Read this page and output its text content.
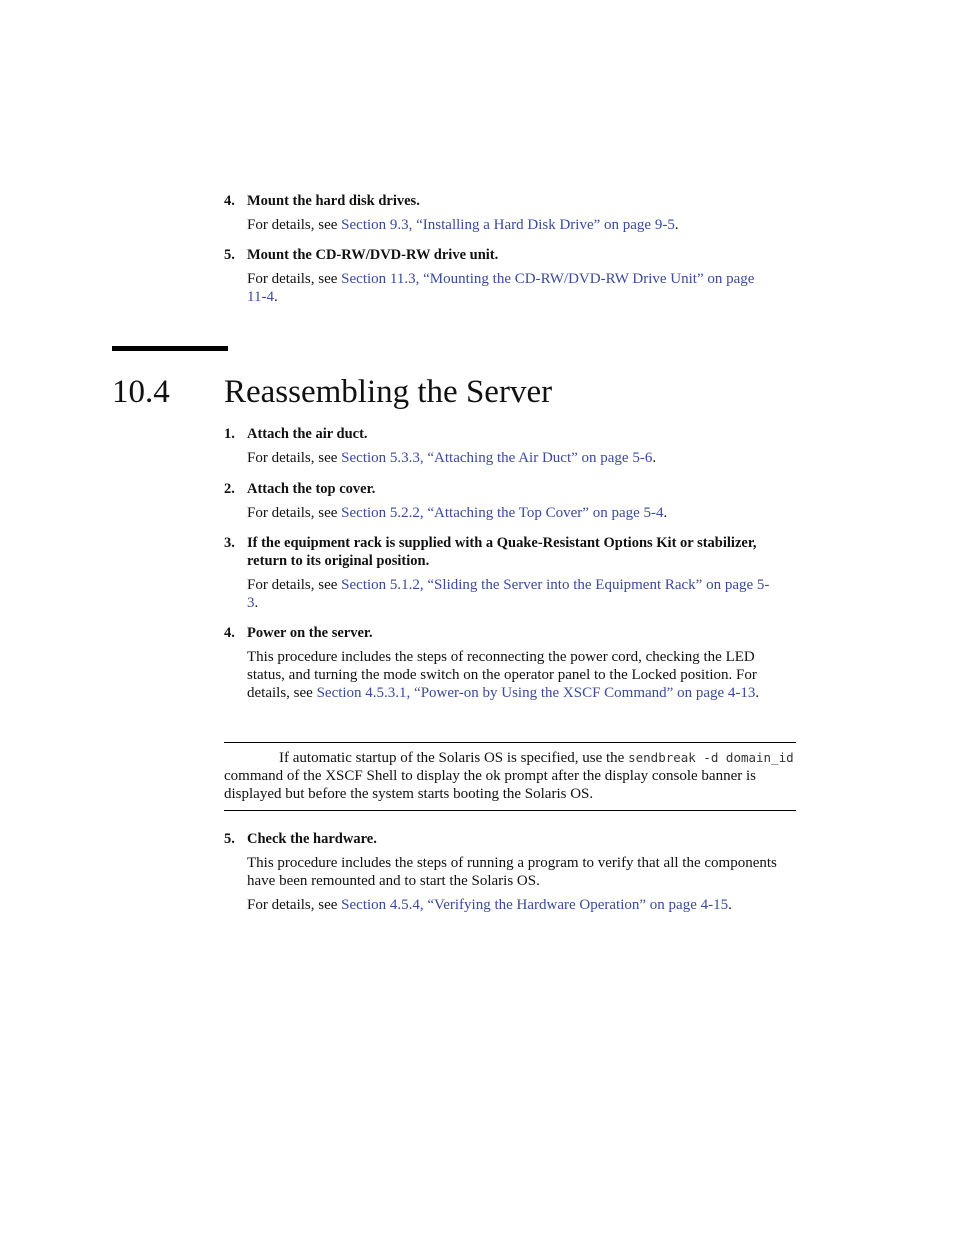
4. Mount the hard disk drives.
For details, see Section 9.3, “Installing a Hard Disk Drive” on page 9-5.
5. Mount the CD-RW/DVD-RW drive unit.
For details, see Section 11.3, “Mounting the CD-RW/DVD-RW Drive Unit” on page 11-4.
10.4 Reassembling the Server
1. Attach the air duct.
For details, see Section 5.3.3, “Attaching the Air Duct” on page 5-6.
2. Attach the top cover.
For details, see Section 5.2.2, “Attaching the Top Cover” on page 5-4.
3. If the equipment rack is supplied with a Quake-Resistant Options Kit or stabilizer, return to its original position.
For details, see Section 5.1.2, “Sliding the Server into the Equipment Rack” on page 5-3.
4. Power on the server.
This procedure includes the steps of reconnecting the power cord, checking the LED status, and turning the mode switch on the operator panel to the Locked position. For details, see Section 4.5.3.1, “Power-on by Using the XSCF Command” on page 4-13.
If automatic startup of the Solaris OS is specified, use the sendbreak -d domain_id command of the XSCF Shell to display the ok prompt after the display console banner is displayed but before the system starts booting the Solaris OS.
5. Check the hardware.
This procedure includes the steps of running a program to verify that all the components have been remounted and to start the Solaris OS.
For details, see Section 4.5.4, “Verifying the Hardware Operation” on page 4-15.
